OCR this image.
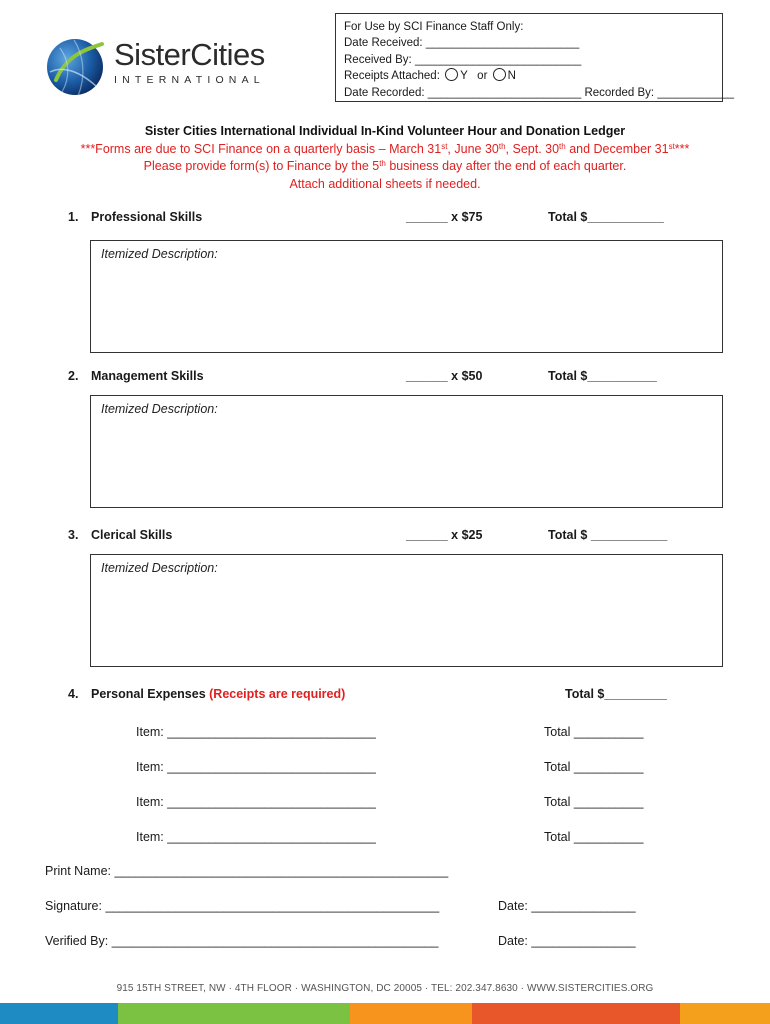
SisterCities
INTERNATIONAL
For Use by SCI Finance Staff Only:
Date Received: ________________________
Received By: __________________________
Receipts Attached: Y or N
Date Recorded: ________________________ Recorded By: ____________
Sister Cities International Individual In-Kind Volunteer Hour and Donation Ledger
***Forms are due to SCI Finance on a quarterly basis – March 31st, June 30th, Sept. 30th and December 31st***
Please provide form(s) to Finance by the 5th business day after the end of each quarter.
Attach additional sheets if needed.
1. Professional Skills	______ x $75	Total $___________
Itemized Description:
2. Management Skills	______ x $50	Total $__________
Itemized Description:
3. Clerical Skills	______ x $25	Total $ ___________
Itemized Description:
4. Personal Expenses (Receipts are required)	Total $_________
Item: ______________________________	Total __________
Item: ______________________________	Total __________
Item: ______________________________	Total __________
Item: ______________________________	Total __________
Print Name: ________________________________________________
Signature: ________________________________________________	Date: _______________
Verified By: _______________________________________________	Date: _______________
915 15TH STREET, NW · 4TH FLOOR · WASHINGTON, DC 20005 · TEL: 202.347.8630 · WWW.SISTERCITIES.ORG
